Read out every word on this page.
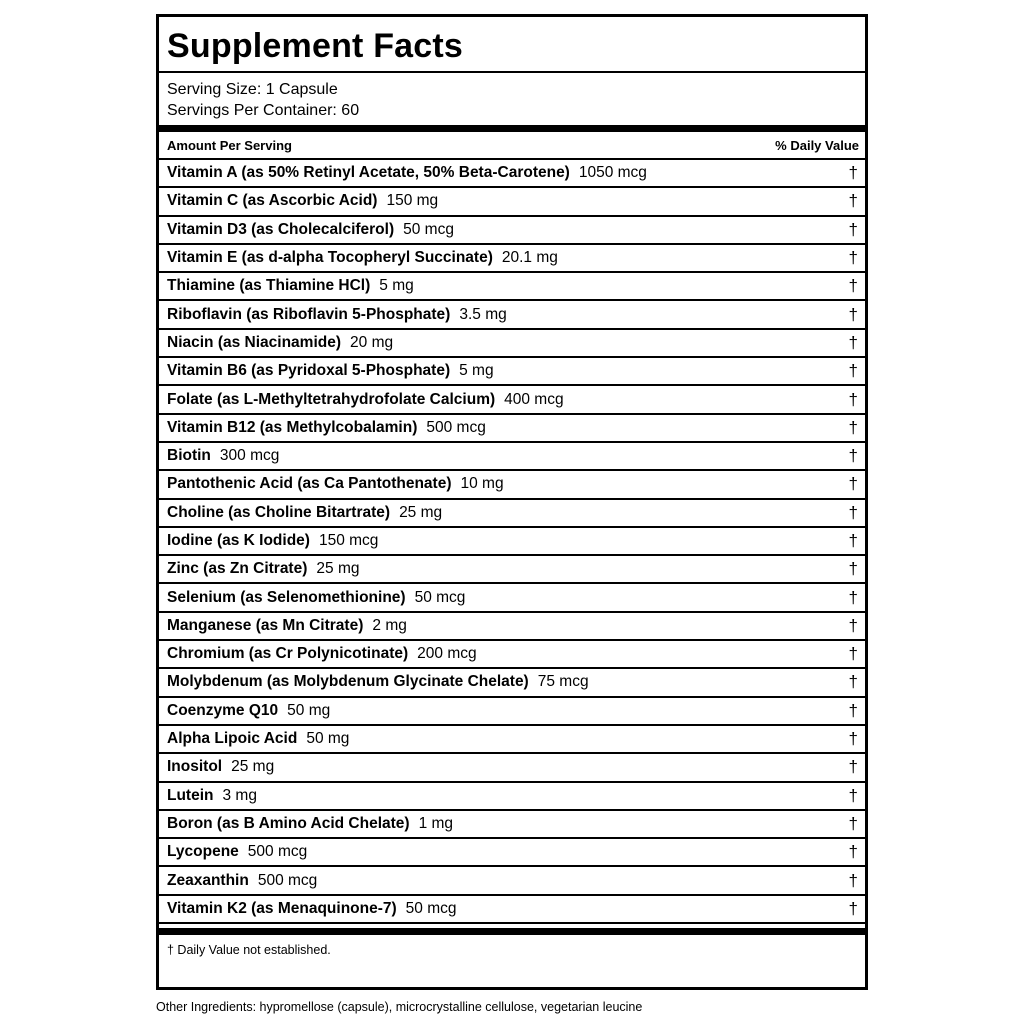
Supplement Facts
Serving Size: 1 Capsule
Servings Per Container: 60
Amount Per Serving	% Daily Value
Vitamin A (as 50% Retinyl Acetate, 50% Beta-Carotene) 1050 mcg	†
Vitamin C (as Ascorbic Acid) 150 mg	†
Vitamin D3 (as Cholecalciferol) 50 mcg	†
Vitamin E (as d-alpha Tocopheryl Succinate) 20.1 mg	†
Thiamine (as Thiamine HCl) 5 mg	†
Riboflavin (as Riboflavin 5-Phosphate) 3.5 mg	†
Niacin (as Niacinamide) 20 mg	†
Vitamin B6 (as Pyridoxal 5-Phosphate) 5 mg	†
Folate (as L-Methyltetrahydrofolate Calcium) 400 mcg	†
Vitamin B12 (as Methylcobalamin) 500 mcg	†
Biotin 300 mcg	†
Pantothenic Acid (as Ca Pantothenate) 10 mg	†
Choline (as Choline Bitartrate) 25 mg	†
Iodine (as K Iodide) 150 mcg	†
Zinc (as Zn Citrate) 25 mg	†
Selenium (as Selenomethionine) 50 mcg	†
Manganese (as Mn Citrate) 2 mg	†
Chromium (as Cr Polynicotinate) 200 mcg	†
Molybdenum (as Molybdenum Glycinate Chelate) 75 mcg	†
Coenzyme Q10 50 mg	†
Alpha Lipoic Acid 50 mg	†
Inositol 25 mg	†
Lutein 3 mg	†
Boron (as B Amino Acid Chelate) 1 mg	†
Lycopene 500 mcg	†
Zeaxanthin 500 mcg	†
Vitamin K2 (as Menaquinone-7) 50 mcg	†
† Daily Value not established.
Other Ingredients: hypromellose (capsule), microcrystalline cellulose, vegetarian leucine
